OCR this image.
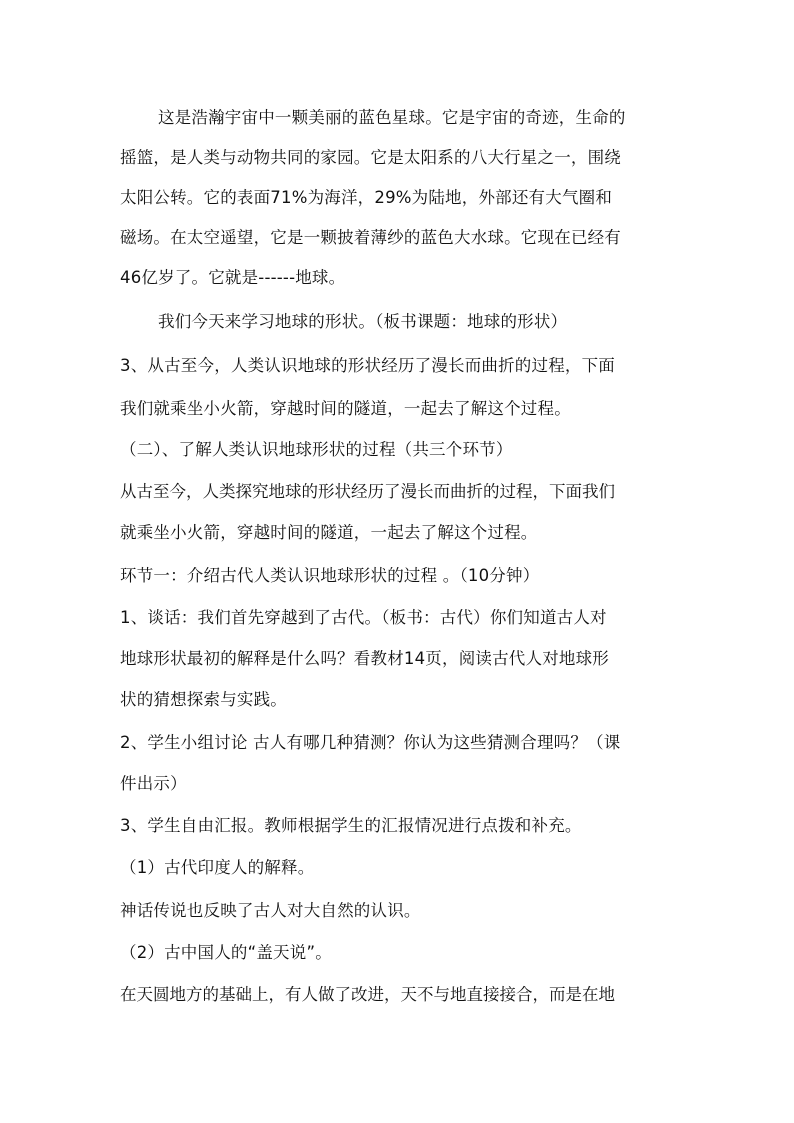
这是浩瀚宇宙中一颗美丽的蓝色星球。它是宇宙的奇迹，生命的
摇篮，是人类与动物共同的家园。它是太阳系的八大行星之一，围绕
太阳公转。它的表面71%为海洋，29%为陆地，外部还有大气圈和
磁场。在太空遥望，它是一颗披着薄纱的蓝色大水球。它现在已经有
46亿岁了。它就是------地球。
我们今天来学习地球的形状。（板书课题：地球的形状）
3、从古至今，人类认识地球的形状经历了漫长而曲折的过程，下面
我们就乘坐小火箭，穿越时间的隧道，一起去了解这个过程。
（二）、了解人类认识地球形状的过程（共三个环节）
从古至今，人类探究地球的形状经历了漫长而曲折的过程，下面我们
就乘坐小火箭，穿越时间的隧道，一起去了解这个过程。
环节一：介绍古代人类认识地球形状的过程 。（10分钟）
1、谈话：我们首先穿越到了古代。（板书：古代）你们知道古人对
地球形状最初的解释是什么吗？看教材14页，阅读古代人对地球形
状的猜想探索与实践。
2、学生小组讨论 古人有哪几种猜测？你认为这些猜测合理吗？（课
件出示）
3、学生自由汇报。教师根据学生的汇报情况进行点拨和补充。
（1）古代印度人的解释。
神话传说也反映了古人对大自然的认识。
（2）古中国人的“盖天说”。
在天圆地方的基础上，有人做了改进，天不与地直接接合，而是在地
